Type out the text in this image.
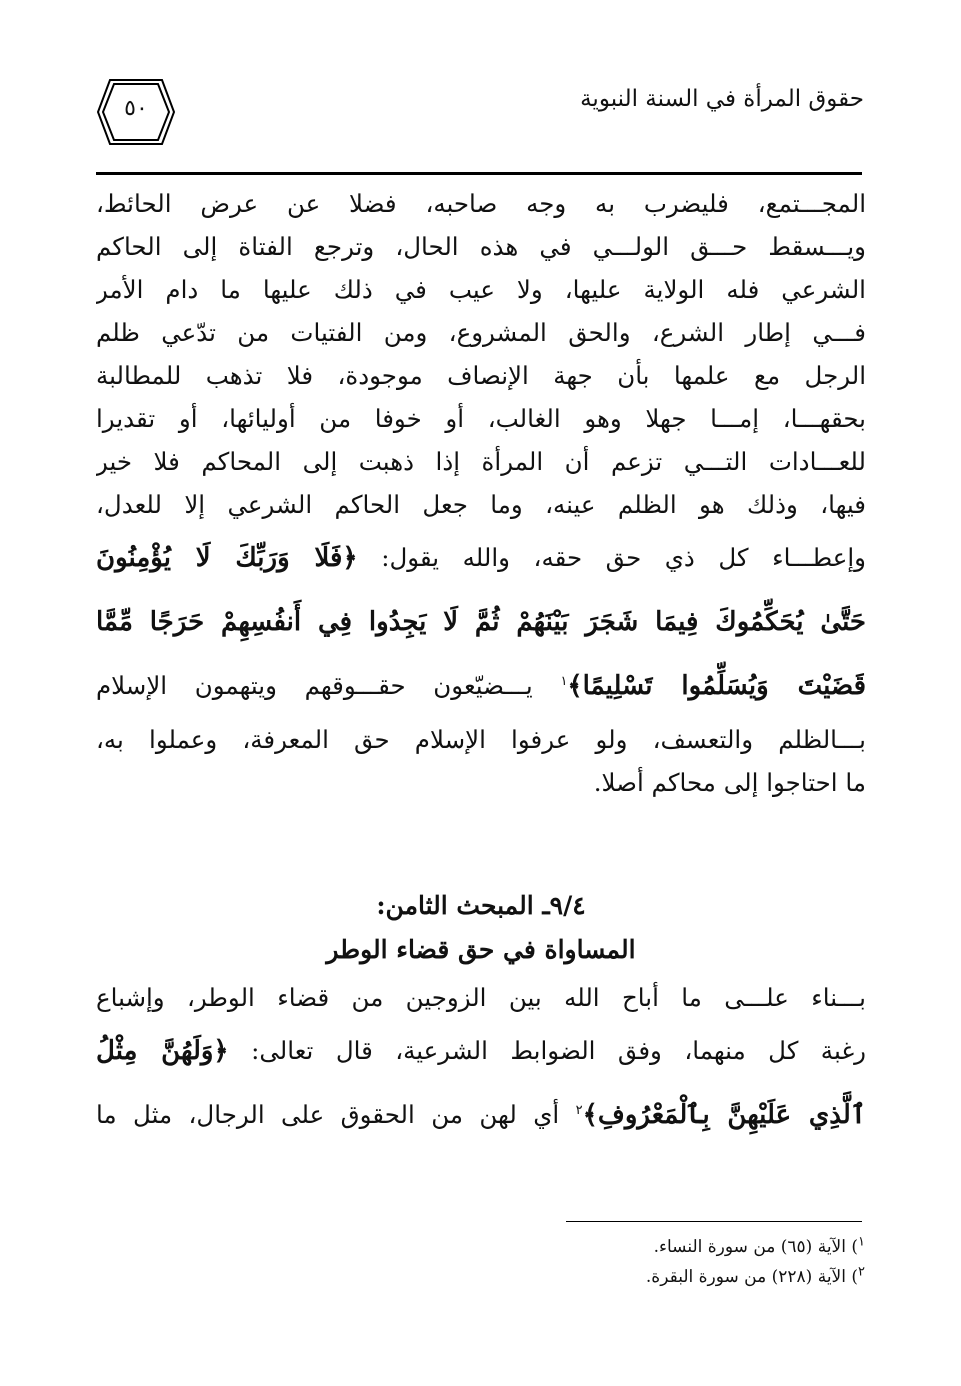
حقوق المرأة في السنة النبوية
٥٠
المجـــتمع، فليضرب به وجه صاحبه، فضلا عن عرض الحائط،
ويـــسقط حـــق الولـــي في هذه الحال، وترجع الفتاة إلى الحاكم
الشرعي فله الولاية عليها، ولا عيب في ذلك عليها ما دام الأمر
فـــي إطار الشرع، والحق المشروع، ومن الفتيات من تدّعي ظلم
الرجل مع علمها بأن جهة الإنصاف موجودة، فلا تذهب للمطالبة
بحقهـــا، إمـــا جهلا وهو الغالب، أو خوفا من أوليائها، أو تقديرا
للعـــادات التـــي تزعم أن المرأة إذا ذهبت إلى المحاكم فلا خير
فيها، وذلك هو الظلم عينه، وما جعل الحاكم الشرعي إلا للعدل،
وإعطـــاء كل ذي حق حقه، والله يقول: ﴿فَلَا وَرَبِّكَ لَا يُؤْمِنُونَ
حَتَّىٰ يُحَكِّمُوكَ فِيمَا شَجَرَ بَيْنَهُمْ ثُمَّ لَا يَجِدُوا فِي أَنفُسِهِمْ حَرَجًا مِّمَّا
قَضَيْتَ وَيُسَلِّمُوا تَسْلِيمًا﴾$^١$ يـــضيّعون حقـــوقهم ويتهمون الإسلام
بـــالظلم والتعسف، ولو عرفوا الإسلام حق المعرفة، وعملوا به،
ما احتاجوا إلى محاكم أصلا.
٩/٤ـ المبحث الثامن:
المساواة في حق قضاء الوطر
بـــناء علـــى ما أباح الله بين الزوجين من قضاء الوطر، وإشباع
رغبة كل منهما، وفق الضوابط الشرعية، قال تعالى: ﴿وَلَهُنَّ مِثْلُ
ٱلَّذِي عَلَيْهِنَّ بِٱلْمَعْرُوفِ﴾$^٢$ أي لهن من الحقوق على الرجال، مثل ما
$^١$) الآية (٦٥) من سورة النساء.
$^٢$) الآية (٢٢٨) من سورة البقرة.
